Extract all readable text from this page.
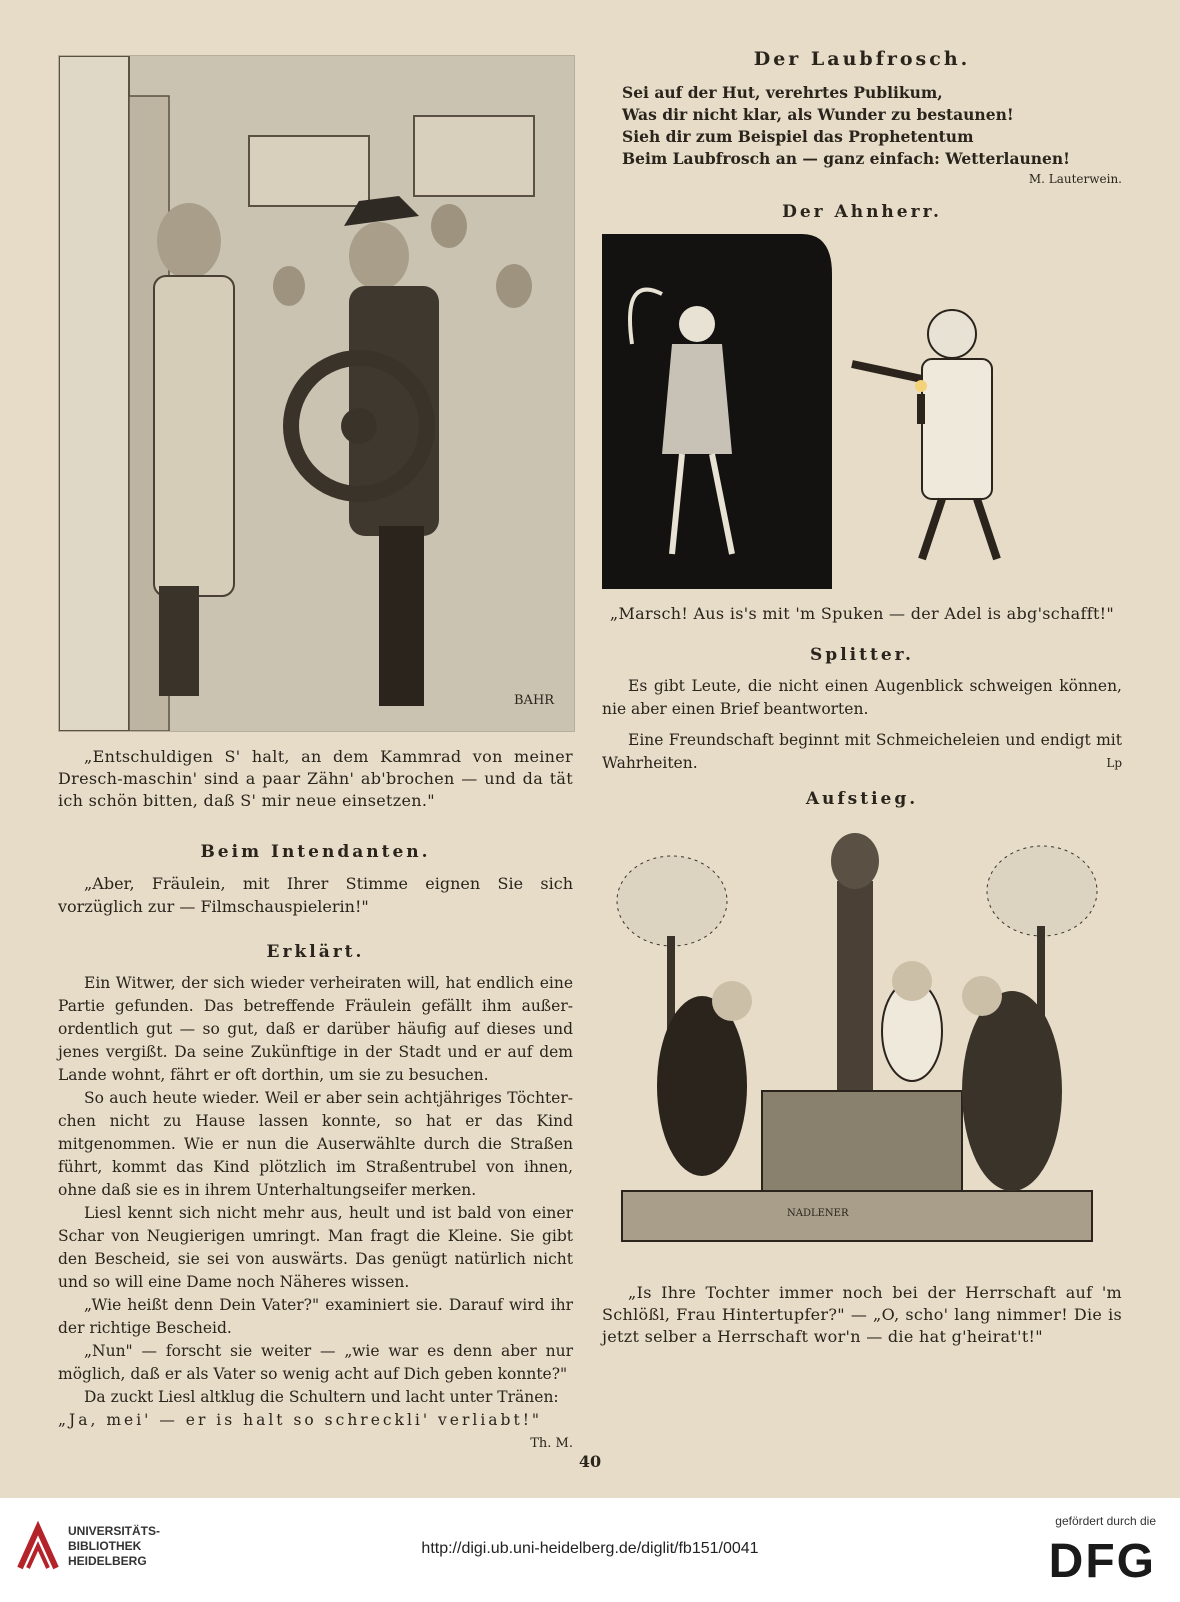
BAHR

„Entschuldigen S' halt, an dem Kammrad von meiner Dresch-maschin' sind a paar Zähn' ab'brochen — und da tät ich schön bitten, daß S' mir neue einsetzen."

Beim Intendanten.

„Aber, Fräulein, mit Ihrer Stimme eignen Sie sich vorzüglich zur — Filmschauspielerin!"

Erklärt.

Ein Witwer, der sich wieder verheiraten will, hat endlich eine Partie gefunden. Das betreffende Fräulein gefällt ihm außer-ordentlich gut — so gut, daß er darüber häufig auf dieses und jenes vergißt. Da seine Zukünftige in der Stadt und er auf dem Lande wohnt, fährt er oft dorthin, um sie zu besuchen.

So auch heute wieder. Weil er aber sein achtjähriges Töchter-chen nicht zu Hause lassen konnte, so hat er das Kind mitgenommen. Wie er nun die Auserwählte durch die Straßen führt, kommt das Kind plötzlich im Straßentrubel von ihnen, ohne daß sie es in ihrem Unterhaltungseifer merken.

Liesl kennt sich nicht mehr aus, heult und ist bald von einer Schar von Neugierigen umringt. Man fragt die Kleine. Sie gibt den Bescheid, sie sei von auswärts. Das genügt natürlich nicht und so will eine Dame noch Näheres wissen.

„Wie heißt denn Dein Vater?" examiniert sie. Darauf wird ihr der richtige Bescheid.

„Nun" — forscht sie weiter — „wie war es denn aber nur möglich, daß er als Vater so wenig acht auf Dich geben konnte?"

Da zuckt Liesl altklug die Schultern und lacht unter Tränen:

„Ja, mei' — er is halt so schreckli' verliabt!"
Th. M.

Der Laubfrosch.
Sei auf der Hut, verehrtes Publikum,
Was dir nicht klar, als Wunder zu bestaunen!
Sieh dir zum Beispiel das Prophetentum
Beim Laubfrosch an — ganz einfach: Wetterlaunen!
M. Lauterwein.
Der Ahnherr.

„Marsch! Aus is's mit 'm Spuken — der Adel is abg'schafft!"

Splitter.

Es gibt Leute, die nicht einen Augenblick schweigen können, nie aber einen Brief beantworten.

Eine Freundschaft beginnt mit Schmeicheleien und endigt mit Wahrheiten.	Lp

Aufstieg.
NADLENER

„Is Ihre Tochter immer noch bei der Herrschaft auf 'm Schlößl, Frau Hintertupfer?" — „O, scho' lang nimmer! Die is jetzt selber a Herrschaft wor'n — die hat g'heirat't!"

40
UNIVERSITÄTS-
BIBLIOTHEK
HEIDELBERG
http://digi.ub.uni-heidelberg.de/diglit/fb151/0041
gefördert durch die
DFG
